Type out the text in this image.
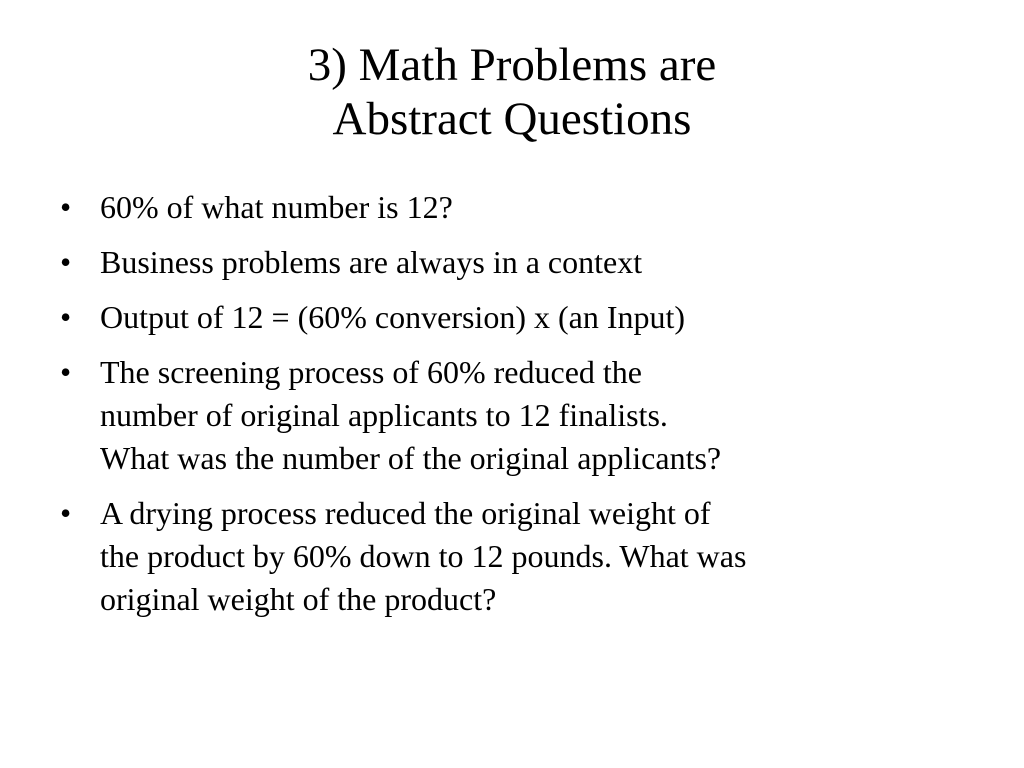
3) Math Problems are
Abstract Questions
• 60% of what number is 12?
• Business problems are always in a context
• Output of 12 = (60% conversion) x (an Input)
• The screening process of 60% reduced the
number of original applicants to 12 finalists.
What was the number of the original applicants?
• A drying process reduced the original weight of
the product by 60% down to 12 pounds. What was
original weight of the product?
